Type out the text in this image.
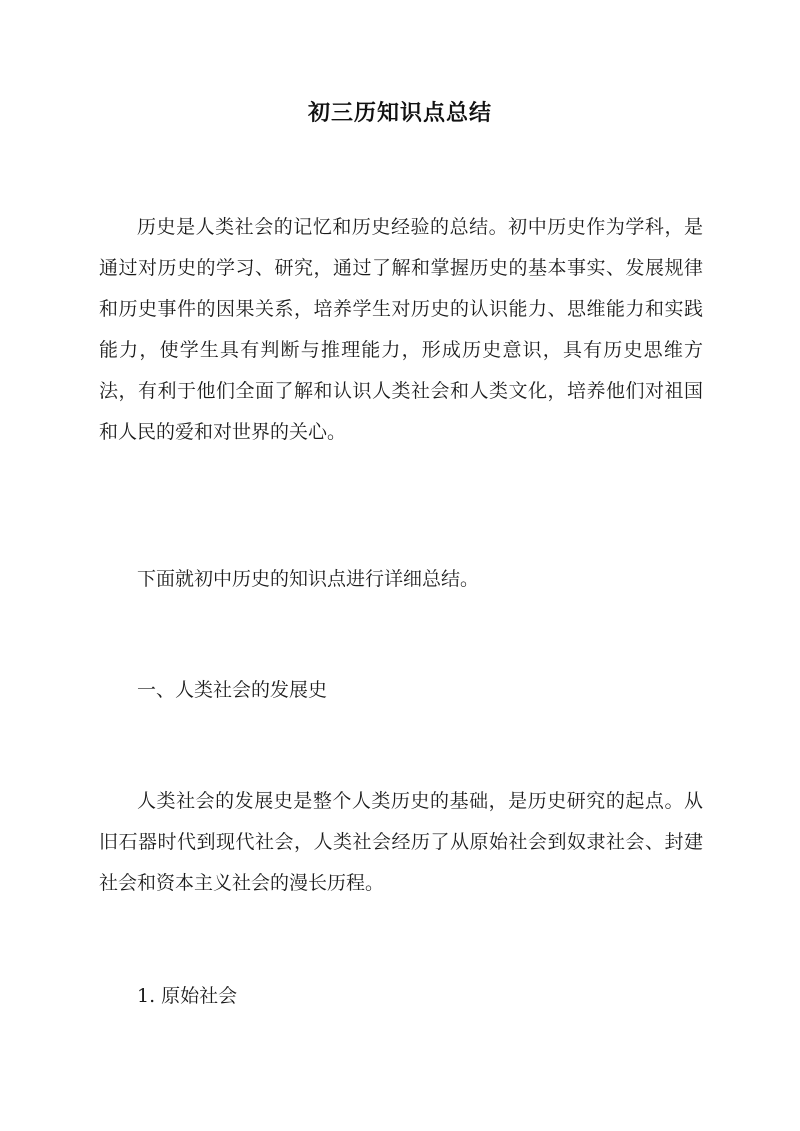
初三历知识点总结

历史是人类社会的记忆和历史经验的总结。初中历史作为学科，是通过对历史的学习、研究，通过了解和掌握历史的基本事实、发展规律和历史事件的因果关系，培养学生对历史的认识能力、思维能力和实践能力，使学生具有判断与推理能力，形成历史意识，具有历史思维方法，有利于他们全面了解和认识人类社会和人类文化，培养他们对祖国和人民的爱和对世界的关心。

下面就初中历史的知识点进行详细总结。

一、人类社会的发展史

人类社会的发展史是整个人类历史的基础，是历史研究的起点。从旧石器时代到现代社会，人类社会经历了从原始社会到奴隶社会、封建社会和资本主义社会的漫长历程。

1. 原始社会
